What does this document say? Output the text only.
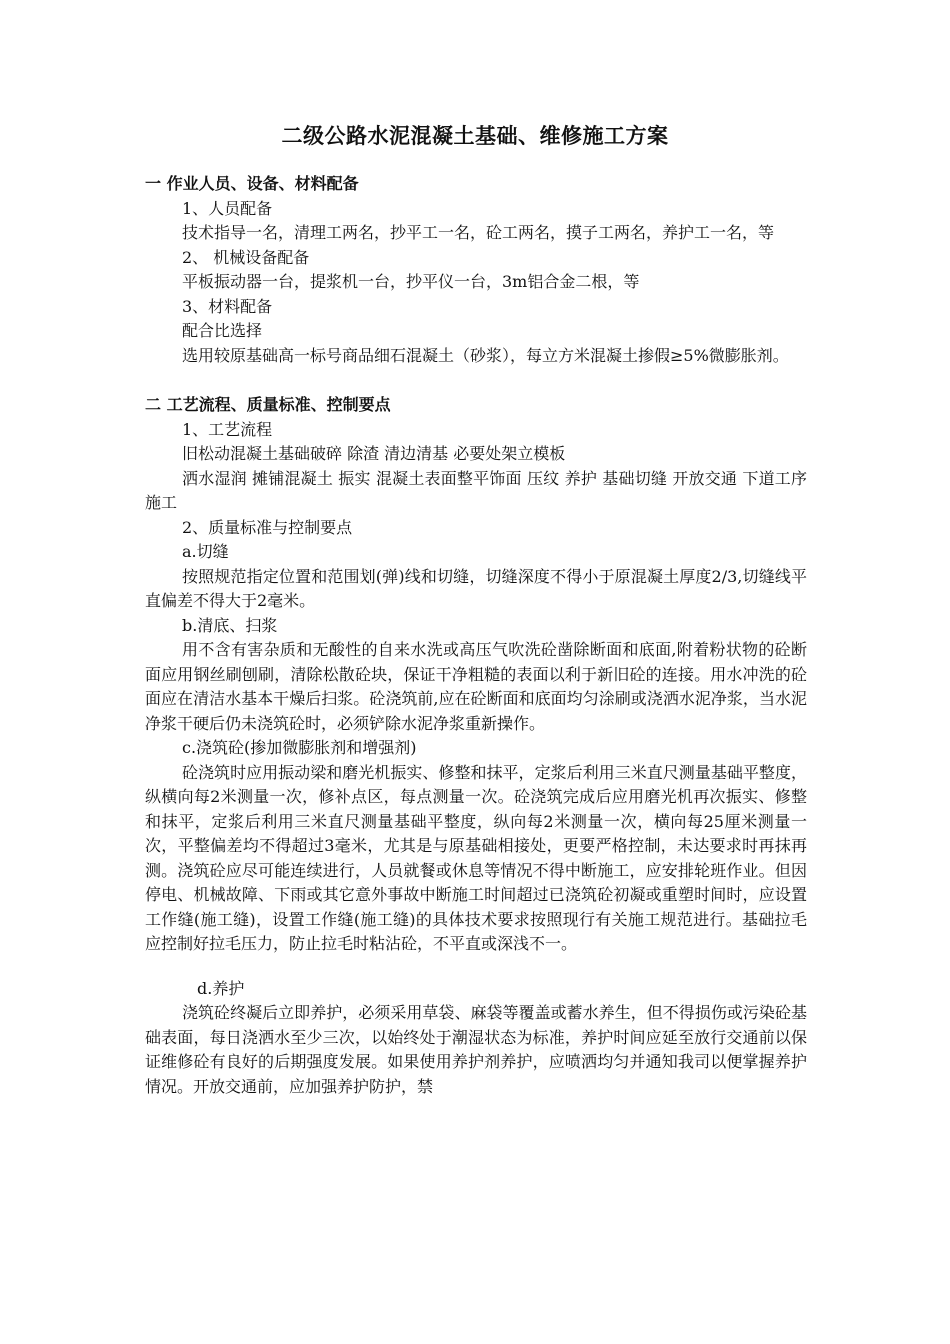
二级公路水泥混凝土基础、维修施工方案

一 作业人员、设备、材料配备

1、人员配备

技术指导一名，清理工两名，抄平工一名，砼工两名，摸子工两名，养护工一名，等

2、 机械设备配备

平板振动器一台，提浆机一台，抄平仪一台，3m铝合金二根，等

3、材料配备

配合比选择

选用较原基础高一标号商品细石混凝土（砂浆），每立方米混凝土掺假≥5%微膨胀剂。

二 工艺流程、质量标准、控制要点

1、工艺流程

旧松动混凝土基础破碎 除渣 清边清基 必要处架立模板

洒水湿润 摊铺混凝土 振实 混凝土表面整平饰面 压纹 养护 基础切缝 开放交通 下道工序施工

2、质量标准与控制要点

a.切缝

按照规范指定位置和范围划(弹)线和切缝，切缝深度不得小于原混凝土厚度2/3,切缝线平直偏差不得大于2毫米。

b.清底、扫浆

用不含有害杂质和无酸性的自来水洗或高压气吹洗砼凿除断面和底面,附着粉状物的砼断面应用钢丝刷刨刷，清除松散砼块，保证干净粗糙的表面以利于新旧砼的连接。用水冲洗的砼面应在清洁水基本干燥后扫浆。砼浇筑前,应在砼断面和底面均匀涂刷或浇洒水泥净浆，当水泥净浆干硬后仍未浇筑砼时，必须铲除水泥净浆重新操作。

c.浇筑砼(掺加微膨胀剂和增强剂)

砼浇筑时应用振动梁和磨光机振实、修整和抹平，定浆后利用三米直尺测量基础平整度，纵横向每2米测量一次，修补点区，每点测量一次。砼浇筑完成后应用磨光机再次振实、修整和抹平，定浆后利用三米直尺测量基础平整度，纵向每2米测量一次，横向每25厘米测量一次，平整偏差均不得超过3毫米，尤其是与原基础相接处，更要严格控制，未达要求时再抹再测。浇筑砼应尽可能连续进行，人员就餐或休息等情况不得中断施工，应安排轮班作业。但因停电、机械故障、下雨或其它意外事故中断施工时间超过已浇筑砼初凝或重塑时间时，应设置工作缝(施工缝)，设置工作缝(施工缝)的具体技术要求按照现行有关施工规范进行。基础拉毛应控制好拉毛压力，防止拉毛时粘沾砼，不平直或深浅不一。

d.养护

浇筑砼终凝后立即养护，必须采用草袋、麻袋等覆盖或蓄水养生，但不得损伤或污染砼基础表面，每日浇洒水至少三次，以始终处于潮湿状态为标准，养护时间应延至放行交通前以保证维修砼有良好的后期强度发展。如果使用养护剂养护，应喷洒均匀并通知我司以便掌握养护情况。开放交通前，应加强养护防护，禁
